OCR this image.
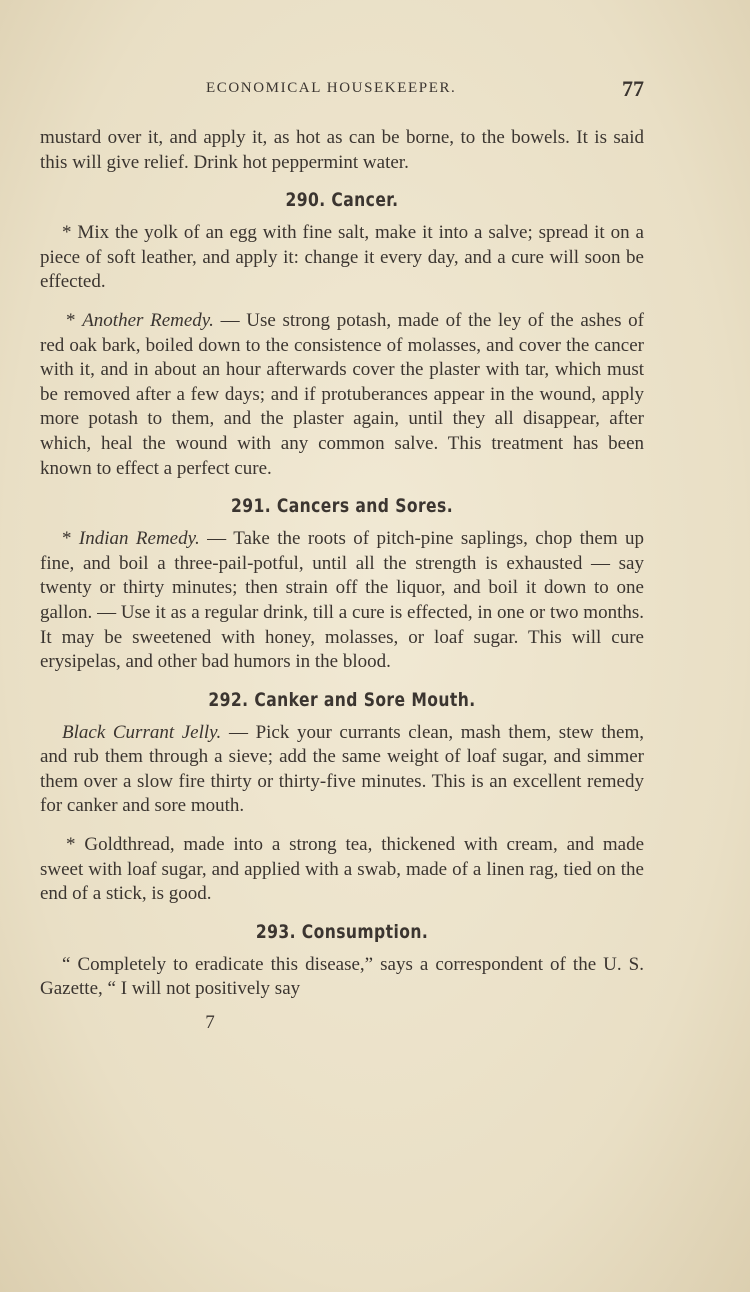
ECONOMICAL HOUSEKEEPER.	77

mustard over it, and apply it, as hot as can be borne, to the bowels. It is said this will give relief. Drink hot peppermint water.

290. Cancer.

* Mix the yolk of an egg with fine salt, make it into a salve; spread it on a piece of soft leather, and apply it: change it every day, and a cure will soon be effected.

* Another Remedy. — Use strong potash, made of the ley of the ashes of red oak bark, boiled down to the consistence of molasses, and cover the cancer with it, and in about an hour afterwards cover the plaster with tar, which must be removed after a few days; and if protuberances appear in the wound, apply more potash to them, and the plaster again, until they all disappear, after which, heal the wound with any common salve. This treatment has been known to effect a perfect cure.

291. Cancers and Sores.

* Indian Remedy. — Take the roots of pitch-pine saplings, chop them up fine, and boil a three-pail-potful, until all the strength is exhausted — say twenty or thirty minutes; then strain off the liquor, and boil it down to one gallon. — Use it as a regular drink, till a cure is effected, in one or two months. It may be sweetened with honey, molasses, or loaf sugar. This will cure erysipelas, and other bad humors in the blood.

292. Canker and Sore Mouth.

Black Currant Jelly. — Pick your currants clean, mash them, stew them, and rub them through a sieve; add the same weight of loaf sugar, and simmer them over a slow fire thirty or thirty-five minutes. This is an excellent remedy for canker and sore mouth.

* Goldthread, made into a strong tea, thickened with cream, and made sweet with loaf sugar, and applied with a swab, made of a linen rag, tied on the end of a stick, is good.

293. Consumption.

“ Completely to eradicate this disease,” says a correspondent of the U. S. Gazette, “ I will not positively say

7
